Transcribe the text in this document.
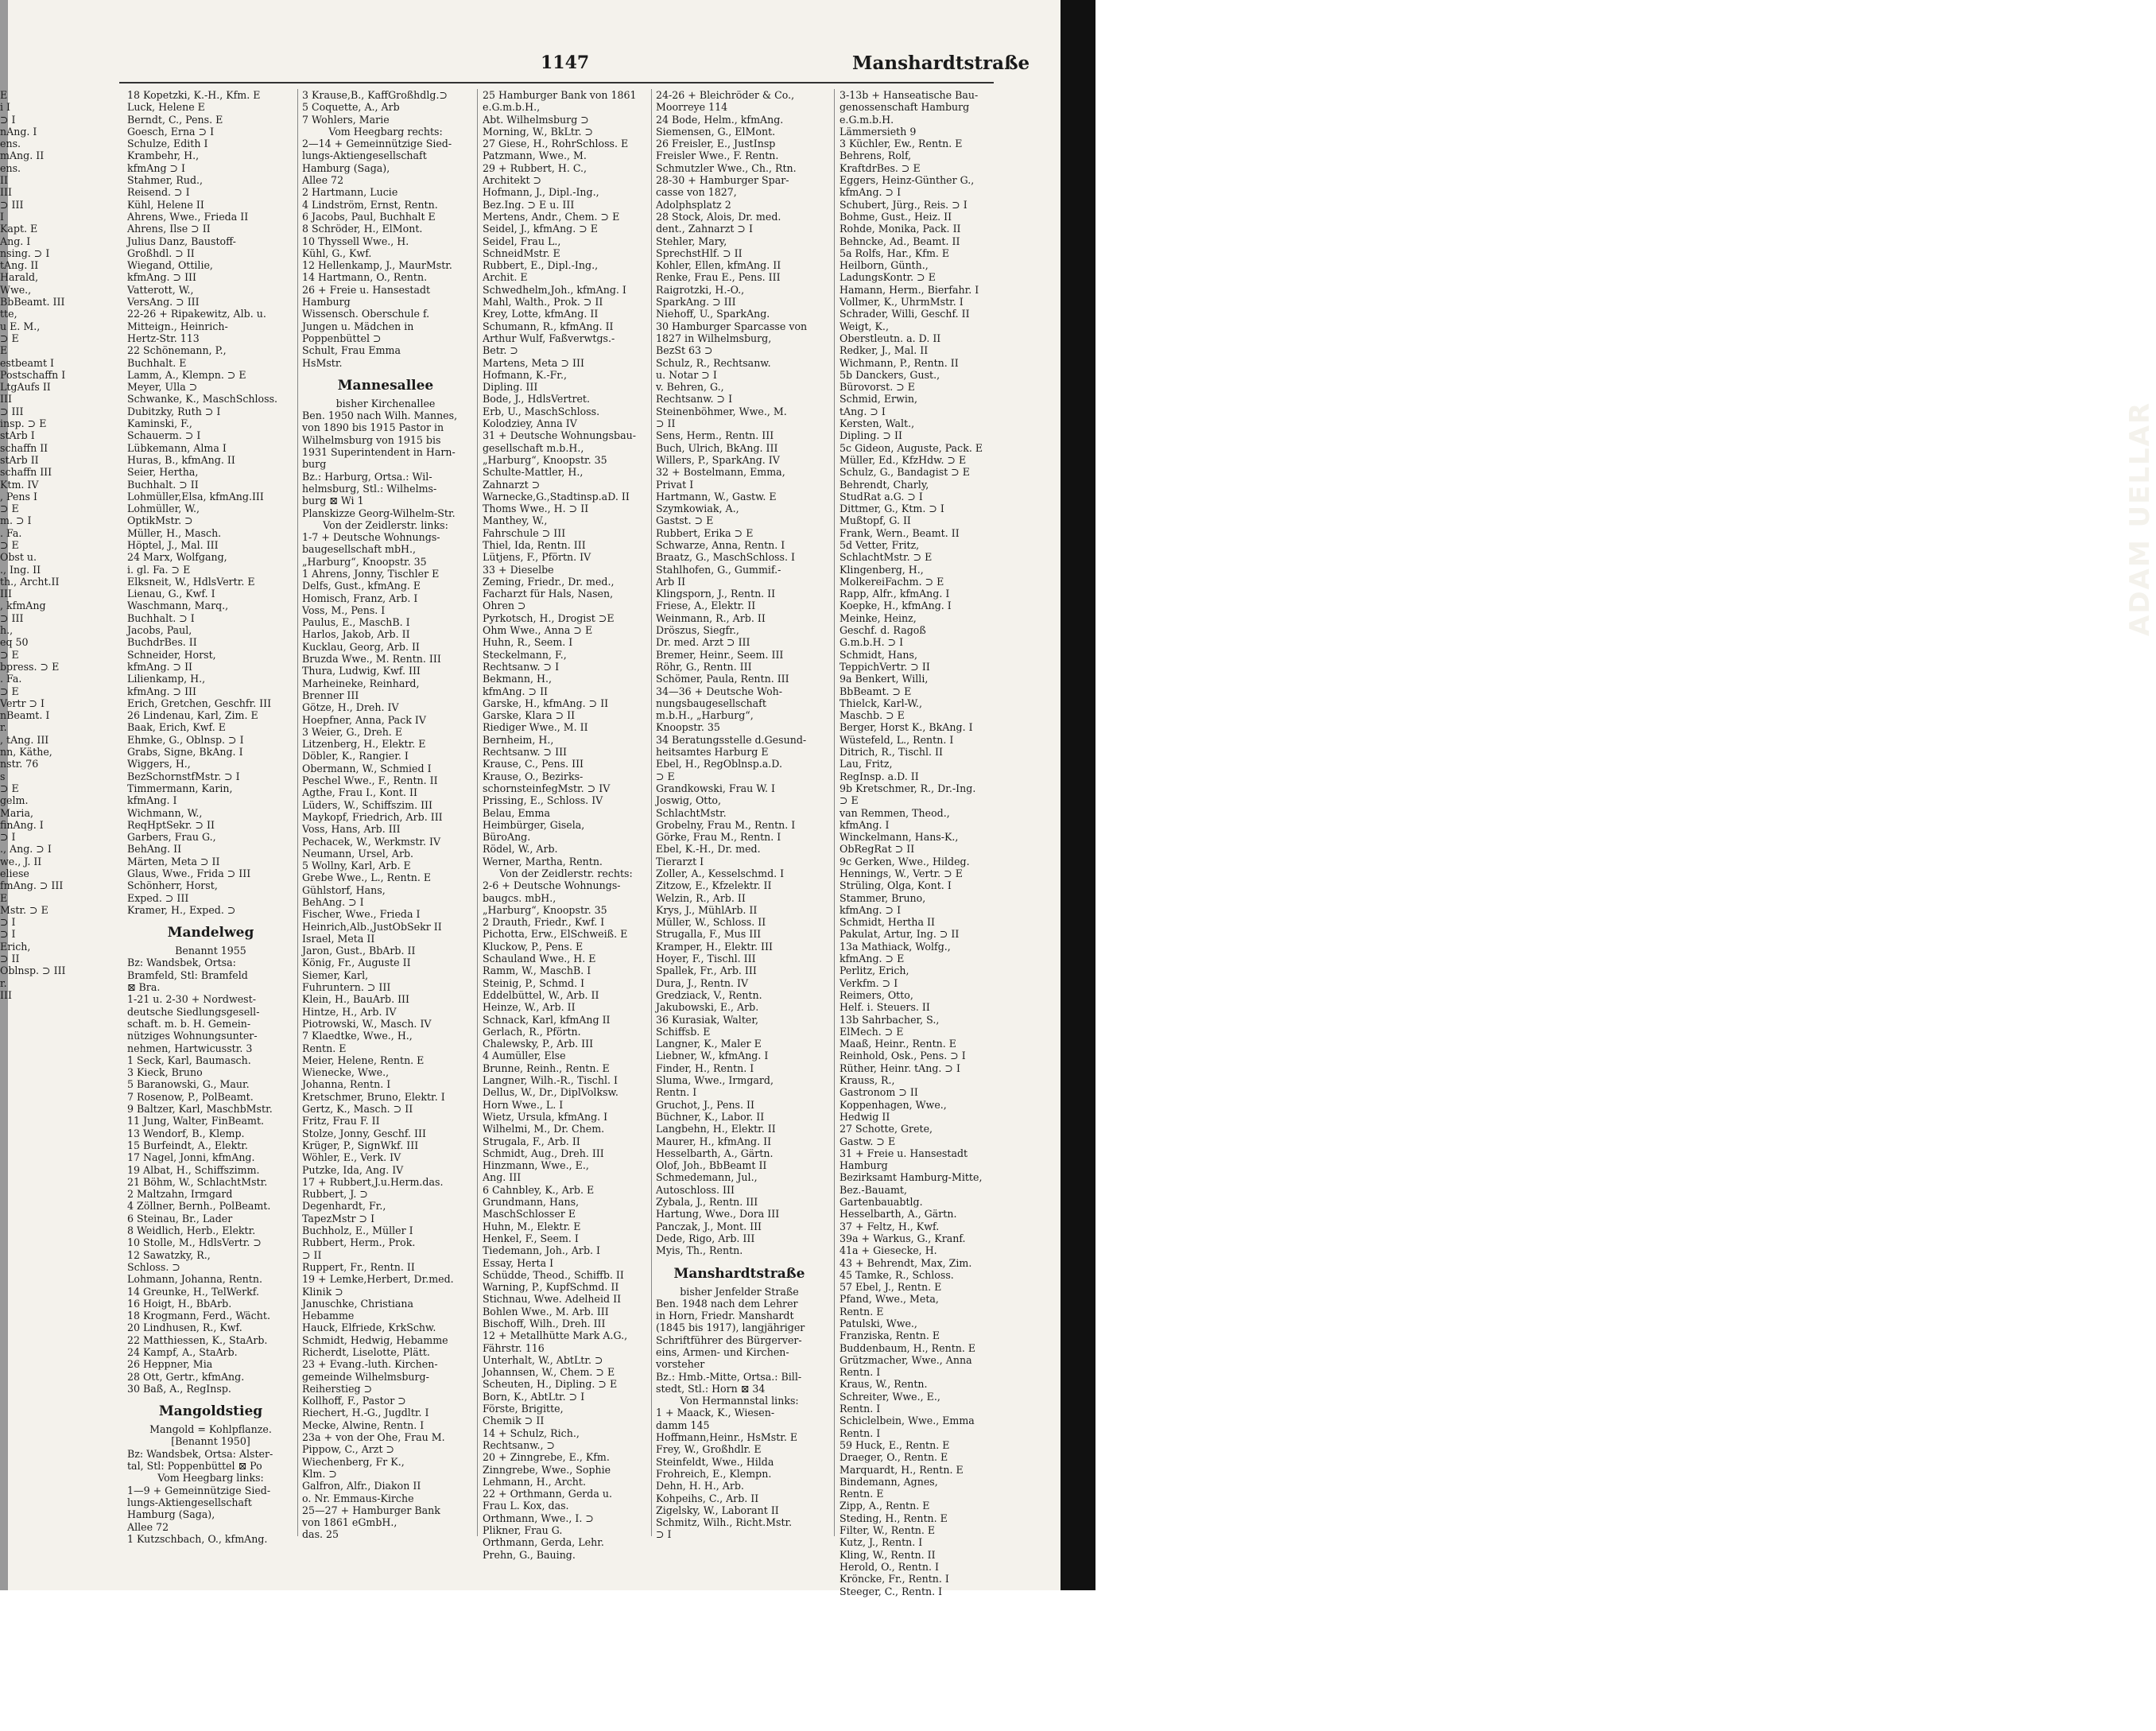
1147	Manshardtstraße
E
i I
⊃ I
nAng. I
ens.
mAng. II
ens.
II
III
⊃ III
I
Kapt. E
Ang. I
nsing. ⊃ I
tAng. II
Harald,
Wwe.,
BbBeamt. III
tte,
u E. M.,
⊃ E
E
estbeamt I
Postschaffn I
LtgAufs II
III
⊃ III
insp. ⊃ E
stArb I
schaffn II
stArb II
schaffn III
Ktm. IV
, Pens I
⊃ E
m. ⊃ I
. Fa.
⊃ E
Obst u.
., Ing. II
th., Archt.II
III
, kfmAng
⊃ III
h.,
eq 50
⊃ E
bpress. ⊃ E
. Fa.
⊃ E
Vertr ⊃ I
nBeamt. I
r.
, tAng. III
nn, Käthe,
nstr. 76
s
⊃ E
gelm.
Maria,
finAng. I
⊃ I
., Ang. ⊃ I
we., J. II
eliese
fmAng. ⊃ III
E
Mstr. ⊃ E
⊃ I
⊃ I
Erich,
⊃ II
Oblnsp. ⊃ III
r.
III
18 Kopetzki, K.-H., Kfm. E
Luck, Helene E
Berndt, C., Pens. E
Goesch, Erna ⊃ I
Schulze, Edith I
Krambehr, H.,
kfmAng ⊃ I
Stahmer, Rud.,
Reisend. ⊃ I
Kühl, Helene II
Ahrens, Wwe., Frieda II
Ahrens, Ilse ⊃ II
Julius Danz, Baustoff-
Großhdl. ⊃ II
Wiegand, Ottilie,
kfmAng. ⊃ III
Vatterott, W.,
VersAng. ⊃ III
22-26 + Ripakewitz, Alb. u.
Mitteign., Heinrich-
Hertz-Str. 113
22 Schönemann, P.,
Buchhalt. E
Lamm, A., Klempn. ⊃ E
Meyer, Ulla ⊃
Schwanke, K., MaschSchloss.
Dubitzky, Ruth ⊃ I
Kaminski, F.,
Schauerm. ⊃ I
Lübkemann, Alma I
Huras, B., kfmAng. II
Seier, Hertha,
Buchhalt. ⊃ II
Lohmüller,Elsa, kfmAng.III
Lohmüller, W.,
OptikMstr. ⊃
Müller, H., Masch.
Höptel, J., Mal. III
24 Marx, Wolfgang,
i. gl. Fa. ⊃ E
Elksneit, W., HdlsVertr. E
Lienau, G., Kwf. I
Waschmann, Marq.,
Buchhalt. ⊃ I
Jacobs, Paul,
BuchdrBes. II
Schneider, Horst,
kfmAng. ⊃ II
Lilienkamp, H.,
kfmAng. ⊃ III
Erich, Gretchen, Geschfr. III
26 Lindenau, Karl, Zim. E
Baak, Erich, Kwf. E
Ehmke, G., Oblnsp. ⊃ I
Grabs, Signe, BkAng. I
Wiggers, H.,
BezSchornstfMstr. ⊃ I
Timmermann, Karin,
kfmAng. I
Wichmann, W.,
ReqHptSekr. ⊃ II
Garbers, Frau G.,
BehAng. II
Märten, Meta ⊃ II
Glaus, Wwe., Frida ⊃ III
Schönherr, Horst,
Exped. ⊃ III
Kramer, H., Exped. ⊃
Mandelweg
Benannt 1955
Bz: Wandsbek, Ortsa:
Bramfeld, Stl: Bramfeld
⊠ Bra.
1-21 u. 2-30 + Nordwest-
deutsche Siedlungsgesell-
schaft. m. b. H. Gemein-
nütziges Wohnungsunter-
nehmen, Hartwicusstr. 3
1 Seck, Karl, Baumasch.
3 Kieck, Bruno
5 Baranowski, G., Maur.
7 Rosenow, P., PolBeamt.
9 Baltzer, Karl, MaschbMstr.
11 Jung, Walter, FinBeamt.
13 Wendorf, B., Klemp.
15 Burfeindt, A., Elektr.
17 Nagel, Jonni, kfmAng.
19 Albat, H., Schiffszimm.
21 Böhm, W., SchlachtMstr.
2 Maltzahn, Irmgard
4 Zöllner, Bernh., PolBeamt.
6 Steinau, Br., Lader
8 Weidlich, Herb., Elektr.
10 Stolle, M., HdlsVertr. ⊃
12 Sawatzky, R.,
Schloss. ⊃
Lohmann, Johanna, Rentn.
14 Greunke, H., TelWerkf.
16 Hoigt, H., BbArb.
18 Krogmann, Ferd., Wächt.
20 Lindhusen, R., Kwf.
22 Matthiessen, K., StaArb.
24 Kampf, A., StaArb.
26 Heppner, Mia
28 Ott, Gertr., kfmAng.
30 Baß, A., RegInsp.
Mangoldstieg
Mangold = Kohlpflanze.
[Benannt 1950]
Bz: Wandsbek, Ortsa: Alster-
tal, Stl: Poppenbüttel ⊠ Po
Vom Heegbarg links:
1—9 + Gemeinnützige Sied-
lungs-Aktiengesellschaft
Hamburg (Saga),
Allee 72
1 Kutzschbach, O., kfmAng.
3 Krause,B., KaffGroßhdlg.⊃
5 Coquette, A., Arb
7 Wohlers, Marie
Vom Heegbarg rechts:
2—14 + Gemeinnützige Sied-
lungs-Aktiengesellschaft
Hamburg (Saga),
Allee 72
2 Hartmann, Lucie
4 Lindström, Ernst, Rentn.
6 Jacobs, Paul, Buchhalt E
8 Schröder, H., ElMont.
10 Thyssell Wwe., H.
Kühl, G., Kwf.
12 Hellenkamp, J., MaurMstr.
14 Hartmann, O., Rentn.
26 + Freie u. Hansestadt
Hamburg
Wissensch. Oberschule f.
Jungen u. Mädchen in
Poppenbüttel ⊃
Schult, Frau Emma
HsMstr.
Mannesallee
bisher Kirchenallee
Ben. 1950 nach Wilh. Mannes,
von 1890 bis 1915 Pastor in
Wilhelmsburg von 1915 bis
1931 Superintendent in Harn-
burg
Bz.: Harburg, Ortsa.: Wil-
helmsburg, Stl.: Wilhelms-
burg ⊠ Wi 1
Planskizze Georg-Wilhelm-Str.
Von der Zeidlerstr. links:
1-7 + Deutsche Wohnungs-
baugesellschaft mbH.,
„Harburg“, Knoopstr. 35
1 Ahrens, Jonny, Tischler E
Delfs, Gust., kfmAng. E
Homisch, Franz, Arb. I
Voss, M., Pens. I
Paulus, E., MaschB. I
Harlos, Jakob, Arb. II
Kucklau, Georg, Arb. II
Bruzda Wwe., M. Rentn. III
Thura, Ludwig, Kwf. III
Marheineke, Reinhard,
Brenner III
Götze, H., Dreh. IV
Hoepfner, Anna, Pack IV
3 Weier, G., Dreh. E
Litzenberg, H., Elektr. E
Döbler, K., Rangier. I
Obermann, W., Schmied I
Peschel Wwe., F., Rentn. II
Agthe, Frau I., Kont. II
Lüders, W., Schiffszim. III
Maykopf, Friedrich, Arb. III
Voss, Hans, Arb. III
Pechacek, W., Werkmstr. IV
Neumann, Ursel, Arb.
5 Wollny, Karl, Arb. E
Grebe Wwe., L., Rentn. E
Gühlstorf, Hans,
BehAng. ⊃ I
Fischer, Wwe., Frieda I
Heinrich,Alb.,JustObSekr II
Israel, Meta II
Jaron, Gust., BbArb. II
König, Fr., Auguste II
Siemer, Karl,
Fuhruntern. ⊃ III
Klein, H., BauArb. III
Hintze, H., Arb. IV
Piotrowski, W., Masch. IV
7 Klaedtke, Wwe., H.,
Rentn. E
Meier, Helene, Rentn. E
Wienecke, Wwe.,
Johanna, Rentn. I
Kretschmer, Bruno, Elektr. I
Gertz, K., Masch. ⊃ II
Fritz, Frau F. II
Stolze, Jonny, Geschf. III
Krüger, P., SignWkf. III
Wöhler, E., Verk. IV
Putzke, Ida, Ang. IV
17 + Rubbert,J.u.Herm.das.
Rubbert, J. ⊃
Degenhardt, Fr.,
TapezMstr ⊃ I
Buchholz, E., Müller I
Rubbert, Herm., Prok.
⊃ II
Ruppert, Fr., Rentn. II
19 + Lemke,Herbert, Dr.med.
Klinik ⊃
Januschke, Christiana
Hebamme
Hauck, Elfriede, KrkSchw.
Schmidt, Hedwig, Hebamme
Richerdt, Liselotte, Plätt.
23 + Evang.-luth. Kirchen-
gemeinde Wilhelmsburg-
Reiherstieg ⊃
Kollhoff, F., Pastor ⊃
Riechert, H.-G., Jugdltr. I
Mecke, Alwine, Rentn. I
23a + von der Ohe, Frau M.
Pippow, C., Arzt ⊃
Wiechenberg, Fr K.,
Klm. ⊃
Galfron, Alfr., Diakon II
o. Nr. Emmaus-Kirche
25—27 + Hamburger Bank
von 1861 eGmbH.,
das. 25
25 Hamburger Bank von 1861
e.G.m.b.H.,
Abt. Wilhelmsburg ⊃
Morning, W., BkLtr. ⊃
27 Giese, H., RohrSchloss. E
Patzmann, Wwe., M.
29 + Rubbert, H. C.,
Architekt ⊃
Hofmann, J., Dipl.-Ing.,
Bez.Ing. ⊃ E u. III
Mertens, Andr., Chem. ⊃ E
Seidel, J., kfmAng. ⊃ E
Seidel, Frau L.,
SchneidMstr. E
Rubbert, E., Dipl.-Ing.,
Archit. E
Schwedhelm,Joh., kfmAng. I
Mahl, Walth., Prok. ⊃ II
Krey, Lotte, kfmAng. II
Schumann, R., kfmAng. II
Arthur Wulf, Faßverwtgs.-
Betr. ⊃
Martens, Meta ⊃ III
Hofmann, K.-Fr.,
Dipling. III
Bode, J., HdlsVertret.
Erb, U., MaschSchloss.
Kolodziey, Anna IV
31 + Deutsche Wohnungsbau-
gesellschaft m.b.H.,
„Harburg“, Knoopstr. 35
Schulte-Mattler, H.,
Zahnarzt ⊃
Warnecke,G.,Stadtinsp.aD. II
Thoms Wwe., H. ⊃ II
Manthey, W.,
Fahrschule ⊃ III
Thiel, Ida, Rentn. III
Lütjens, F., Pförtn. IV
33 + Dieselbe
Zeming, Friedr., Dr. med.,
Facharzt für Hals, Nasen,
Ohren ⊃
Pyrkotsch, H., Drogist ⊃E
Ohm Wwe., Anna ⊃ E
Huhn, R., Seem. I
Steckelmann, F.,
Rechtsanw. ⊃ I
Bekmann, H.,
kfmAng. ⊃ II
Garske, H., kfmAng. ⊃ II
Garske, Klara ⊃ II
Riediger Wwe., M. II
Bernheim, H.,
Rechtsanw. ⊃ III
Krause, C., Pens. III
Krause, O., Bezirks-
schornsteinfegMstr. ⊃ IV
Prissing, E., Schloss. IV
Belau, Emma
Heimbürger, Gisela,
BüroAng.
Rödel, W., Arb.
Werner, Martha, Rentn.
Von der Zeidlerstr. rechts:
2-6 + Deutsche Wohnungs-
baugcs. mbH.,
„Harburg“, Knoopstr. 35
2 Drauth, Friedr., Kwf. I
Pichotta, Erw., ElSchweiß. E
Kluckow, P., Pens. E
Schauland Wwe., H. E
Ramm, W., MaschB. I
Steinig, P., Schmd. I
Eddelbüttel, W., Arb. II
Heinze, W., Arb. II
Schnack, Karl, kfmAng II
Gerlach, R., Pförtn.
Chalewsky, P., Arb. III
4 Aumüller, Else
Brunne, Reinh., Rentn. E
Langner, Wilh.-R., Tischl. I
Dellus, W., Dr., DiplVolksw.
Horn Wwe., L. I
Wietz, Ursula, kfmAng. I
Wilhelmi, M., Dr. Chem.
Strugala, F., Arb. II
Schmidt, Aug., Dreh. III
Hinzmann, Wwe., E.,
Ang. III
6 Cahnbley, K., Arb. E
Grundmann, Hans,
MaschSchlosser E
Huhn, M., Elektr. E
Henkel, F., Seem. I
Tiedemann, Joh., Arb. I
Essay, Herta I
Schüdde, Theod., Schiffb. II
Warning, P., KupfSchmd. II
Stichnau, Wwe. Adelheid II
Bohlen Wwe., M. Arb. III
Bischoff, Wilh., Dreh. III
12 + Metallhütte Mark A.G.,
Fährstr. 116
Unterhalt, W., AbtLtr. ⊃
Johannsen, W., Chem. ⊃ E
Scheuten, H., Dipling. ⊃ E
Born, K., AbtLtr. ⊃ I
Förste, Brigitte,
Chemik ⊃ II
14 + Schulz, Rich.,
Rechtsanw., ⊃
20 + Zinngrebe, E., Kfm.
Zinngrebe, Wwe., Sophie
Lehmann, H., Archt.
22 + Orthmann, Gerda u.
Frau L. Kox, das.
Orthmann, Wwe., I. ⊃
Plikner, Frau G.
Orthmann, Gerda, Lehr.
Prehn, G., Bauing.
24-26 + Bleichröder & Co.,
Moorreye 114
24 Bode, Helm., kfmAng.
Siemensen, G., ElMont.
26 Freisler, E., JustInsp
Freisler Wwe., F. Rentn.
Schmutzler Wwe., Ch., Rtn.
28-30 + Hamburger Spar-
casse von 1827,
Adolphsplatz 2
28 Stock, Alois, Dr. med.
dent., Zahnarzt ⊃ I
Stehler, Mary,
SprechstHlf. ⊃ II
Kohler, Ellen, kfmAng. II
Renke, Frau E., Pens. III
Raigrotzki, H.-O.,
SparkAng. ⊃ III
Niehoff, U., SparkAng.
30 Hamburger Sparcasse von
1827 in Wilhelmsburg,
BezSt 63 ⊃
Schulz, R., Rechtsanw.
u. Notar ⊃ I
v. Behren, G.,
Rechtsanw. ⊃ I
Steinenböhmer, Wwe., M.
⊃ II
Sens, Herm., Rentn. III
Buch, Ulrich, BkAng. III
Willers, P., SparkAng. IV
32 + Bostelmann, Emma,
Privat I
Hartmann, W., Gastw. E
Szymkowiak, A.,
Gastst. ⊃ E
Rubbert, Erika ⊃ E
Schwarze, Anna, Rentn. I
Braatz, G., MaschSchloss. I
Stahlhofen, G., Gummif.-
Arb II
Klingsporn, J., Rentn. II
Friese, A., Elektr. II
Weinmann, R., Arb. II
Dröszus, Siegfr.,
Dr. med. Arzt ⊃ III
Bremer, Heinr., Seem. III
Röhr, G., Rentn. III
Schömer, Paula, Rentn. III
34—36 + Deutsche Woh-
nungsbaugesellschaft
m.b.H., „Harburg“,
Knoopstr. 35
34 Beratungsstelle d.Gesund-
heitsamtes Harburg E
Ebel, H., RegOblnsp.a.D.
⊃ E
Grandkowski, Frau W. I
Joswig, Otto,
SchlachtMstr.
Grobelny, Frau M., Rentn. I
Görke, Frau M., Rentn. I
Ebel, K.-H., Dr. med.
Tierarzt I
Zoller, A., Kesselschmd. I
Zitzow, E., Kfzelektr. II
Welzin, R., Arb. II
Krys, J., MühlArb. II
Müller, W., Schloss. II
Strugalla, F., Mus III
Kramper, H., Elektr. III
Hoyer, F., Tischl. III
Spallek, Fr., Arb. III
Dura, J., Rentn. IV
Gredziack, V., Rentn.
Jakubowski, E., Arb.
36 Kurasiak, Walter,
Schiffsb. E
Langner, K., Maler E
Liebner, W., kfmAng. I
Finder, H., Rentn. I
Sluma, Wwe., Irmgard,
Rentn. I
Gruchot, J., Pens. II
Büchner, K., Labor. II
Langbehn, H., Elektr. II
Maurer, H., kfmAng. II
Hesselbarth, A., Gärtn.
Olof, Joh., BbBeamt II
Schmedemann, Jul.,
Autoschloss. III
Zybala, J., Rentn. III
Hartung, Wwe., Dora III
Panczak, J., Mont. III
Dede, Rigo, Arb. III
Myis, Th., Rentn.
Manshardtstraße
bisher Jenfelder Straße
Ben. 1948 nach dem Lehrer
in Horn, Friedr. Manshardt
(1845 bis 1917), langjähriger
Schriftführer des Bürgerver-
eins, Armen- und Kirchen-
vorsteher
Bz.: Hmb.-Mitte, Ortsa.: Bill-
stedt, Stl.: Horn ⊠ 34
Von Hermannstal links:
1 + Maack, K., Wiesen-
damm 145
Hoffmann,Heinr., HsMstr. E
Frey, W., Großhdlr. E
Steinfeldt, Wwe., Hilda
Frohreich, E., Klempn.
Dehn, H. H., Arb.
Kohpeihs, C., Arb. II
Zigelsky, W., Laborant II
Schmitz, Wilh., Richt.Mstr.
⊃ I
3-13b + Hanseatische Bau-
genossenschaft Hamburg
e.G.m.b.H.
Lämmersieth 9
3 Küchler, Ew., Rentn. E
Behrens, Rolf,
KraftdrBes. ⊃ E
Eggers, Heinz-Günther G.,
kfmAng. ⊃ I
Schubert, Jürg., Reis. ⊃ I
Bohme, Gust., Heiz. II
Rohde, Monika, Pack. II
Behncke, Ad., Beamt. II
5a Rolfs, Har., Kfm. E
Heilborn, Günth.,
LadungsKontr. ⊃ E
Hamann, Herm., Bierfahr. I
Vollmer, K., UhrmMstr. I
Schrader, Willi, Geschf. II
Weigt, K.,
Oberstleutn. a. D. II
Redker, J., Mal. II
Wichmann, P., Rentn. II
5b Danckers, Gust.,
Bürovorst. ⊃ E
Schmid, Erwin,
tAng. ⊃ I
Kersten, Walt.,
Dipling. ⊃ II
5c Gideon, Auguste, Pack. E
Müller, Ed., KfzHdw. ⊃ E
Schulz, G., Bandagist ⊃ E
Behrendt, Charly,
StudRat a.G. ⊃ I
Dittmer, G., Ktm. ⊃ I
Mußtopf, G. II
Frank, Wern., Beamt. II
5d Vetter, Fritz,
SchlachtMstr. ⊃ E
Klingenberg, H.,
MolkereiFachm. ⊃ E
Rapp, Alfr., kfmAng. I
Koepke, H., kfmAng. I
Meinke, Heinz,
Geschf. d. Ragoß
G.m.b.H. ⊃ I
Schmidt, Hans,
TeppichVertr. ⊃ II
9a Benkert, Willi,
BbBeamt. ⊃ E
Thielck, Karl-W.,
Maschb. ⊃ E
Berger, Horst K., BkAng. I
Wüstefeld, L., Rentn. I
Ditrich, R., Tischl. II
Lau, Fritz,
RegInsp. a.D. II
9b Kretschmer, R., Dr.-Ing.
⊃ E
van Remmen, Theod.,
kfmAng. I
Winckelmann, Hans-K.,
ObRegRat ⊃ II
9c Gerken, Wwe., Hildeg.
Hennings, W., Vertr. ⊃ E
Strüling, Olga, Kont. I
Stammer, Bruno,
kfmAng. ⊃ I
Schmidt, Hertha II
Pakulat, Artur, Ing. ⊃ II
13a Mathiack, Wolfg.,
kfmAng. ⊃ E
Perlitz, Erich,
Verkfm. ⊃ I
Reimers, Otto,
Helf. i. Steuers. II
13b Sahrbacher, S.,
ElMech. ⊃ E
Maaß, Heinr., Rentn. E
Reinhold, Osk., Pens. ⊃ I
Rüther, Heinr. tAng. ⊃ I
Krauss, R.,
Gastronom ⊃ II
Koppenhagen, Wwe.,
Hedwig II
27 Schotte, Grete,
Gastw. ⊃ E
31 + Freie u. Hansestadt
Hamburg
Bezirksamt Hamburg-Mitte,
Bez.-Bauamt,
Gartenbauabtlg.
Hesselbarth, A., Gärtn.
37 + Feltz, H., Kwf.
39a + Warkus, G., Kranf.
41a + Giesecke, H.
43 + Behrendt, Max, Zim.
45 Tamke, R., Schloss.
57 Ebel, J., Rentn. E
Pfand, Wwe., Meta,
Rentn. E
Patulski, Wwe.,
Franziska, Rentn. E
Buddenbaum, H., Rentn. E
Grützmacher, Wwe., Anna
Rentn. I
Kraus, W., Rentn.
Schreiter, Wwe., E.,
Rentn. I
Schiclelbein, Wwe., Emma
Rentn. I
59 Huck, E., Rentn. E
Draeger, O., Rentn. E
Marquardt, H., Rentn. E
Bindemann, Agnes,
Rentn. E
Zipp, A., Rentn. E
Steding, H., Rentn. E
Filter, W., Rentn. E
Kutz, J., Rentn. I
Kling, W., Rentn. II
Herold, O., Rentn. I
Kröncke, Fr., Rentn. I
Steeger, C., Rentn. I
ADAM UELLAR
